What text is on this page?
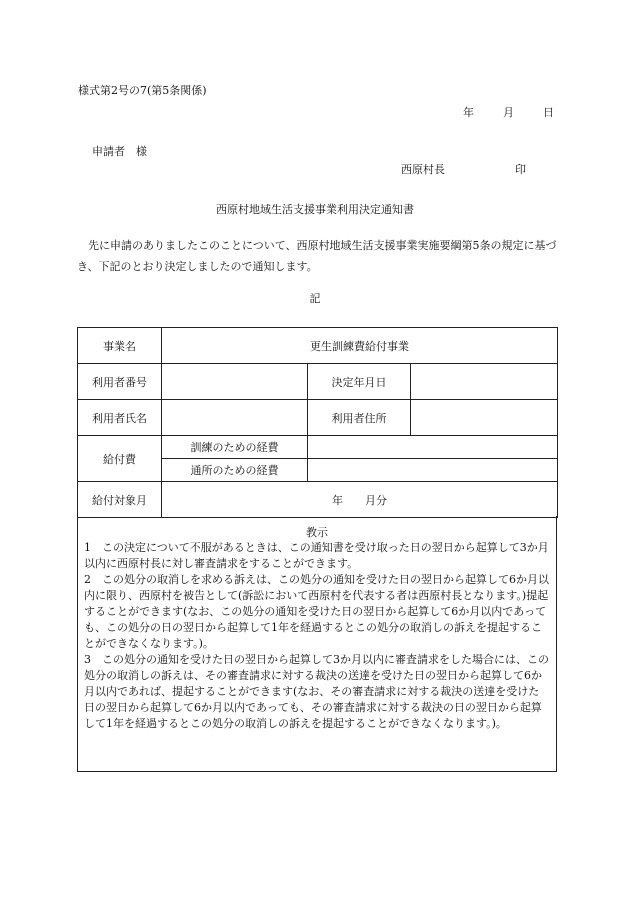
様式第2号の7(第5条関係)
年	月	日
申請者　様
西原村長	印
西原村地域生活支援事業利用決定通知書
先に申請のありましたこのことについて、西原村地域生活支援事業実施要綱第5条の規定に基づき、下記のとおり決定しましたので通知します。
記
事業名	更生訓練費給付事業		
利用者番号		決定年月日	
利用者氏名		利用者住所	
給付費	訓練のための経費		
	通所のための経費		
給付対象月	年　　月分		
教示
1　この決定について不服があるときは、この通知書を受け取った日の翌日から起算して3か月以内に西原村長に対し審査請求をすることができます。
2　この処分の取消しを求める訴えは、この処分の通知を受けた日の翌日から起算して6か月以内に限り、西原村を被告として(訴訟において西原村を代表する者は西原村長となります。)提起することができます(なお、この処分の通知を受けた日の翌日から起算して6か月以内であっても、この処分の日の翌日から起算して1年を経過するとこの処分の取消しの訴えを提起することができなくなります。)。
3　この処分の通知を受けた日の翌日から起算して3か月以内に審査請求をした場合には、この処分の取消しの訴えは、その審査請求に対する裁決の送達を受けた日の翌日から起算して6か月以内であれば、提起することができます(なお、その審査請求に対する裁決の送達を受けた日の翌日から起算して6か月以内であっても、その審査請求に対する裁決の日の翌日から起算して1年を経過するとこの処分の取消しの訴えを提起することができなくなります。)。
